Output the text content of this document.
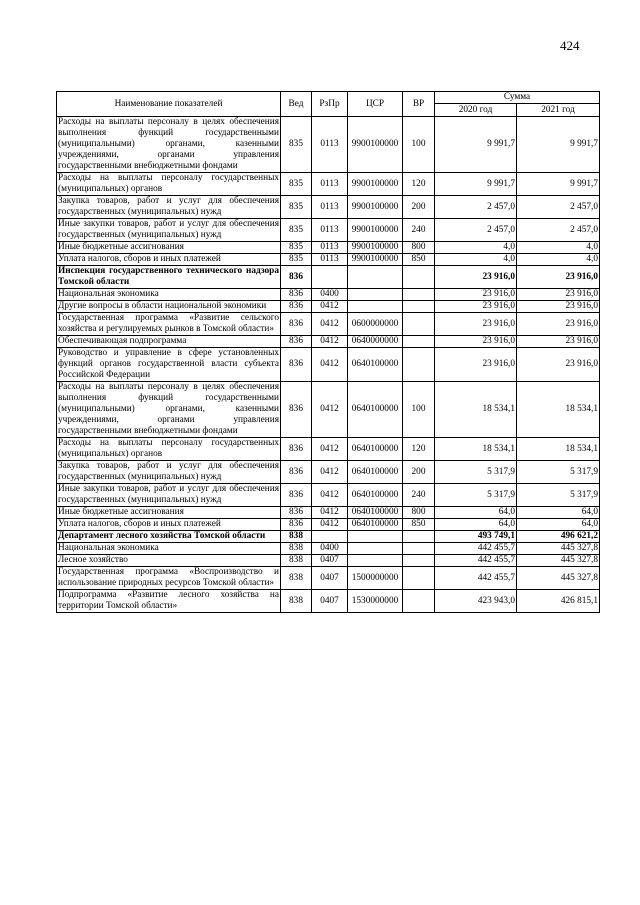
424
Наименование показателей	Вед	РзПр	ЦСР	ВР	Сумма	
					2020 год	2021 год
Расходы на выплаты персоналу в целях обеспечения выполнения функций государственными (муниципальными) органами, казенными учреждениями, органами управления государственными внебюджетными фондами	835	0113	9900100000	100	9 991,7	9 991,7
Расходы на выплаты персоналу государственных (муниципальных) органов	835	0113	9900100000	120	9 991,7	9 991,7
Закупка товаров, работ и услуг для обеспечения государственных (муниципальных) нужд	835	0113	9900100000	200	2 457,0	2 457,0
Иные закупки товаров, работ и услуг для обеспечения государственных (муниципальных) нужд	835	0113	9900100000	240	2 457,0	2 457,0
Иные бюджетные ассигнования	835	0113	9900100000	800	4,0	4,0
Уплата налогов, сборов и иных платежей	835	0113	9900100000	850	4,0	4,0
Инспекция государственного технического надзора Томской области	836				23 916,0	23 916,0
Национальная экономика	836	0400			23 916,0	23 916,0
Другие вопросы в области национальной экономики	836	0412			23 916,0	23 916,0
Государственная программа «Развитие сельского хозяйства и регулируемых рынков в Томской области»	836	0412	0600000000		23 916,0	23 916,0
Обеспечивающая подпрограмма	836	0412	0640000000		23 916,0	23 916,0
Руководство и управление в сфере установленных функций органов государственной власти субъекта Российской Федерации	836	0412	0640100000		23 916,0	23 916,0
Расходы на выплаты персоналу в целях обеспечения выполнения функций государственными (муниципальными) органами, казенными учреждениями, органами управления государственными внебюджетными фондами	836	0412	0640100000	100	18 534,1	18 534,1
Расходы на выплаты персоналу государственных (муниципальных) органов	836	0412	0640100000	120	18 534,1	18 534,1
Закупка товаров, работ и услуг для обеспечения государственных (муниципальных) нужд	836	0412	0640100000	200	5 317,9	5 317,9
Иные закупки товаров, работ и услуг для обеспечения государственных (муниципальных) нужд	836	0412	0640100000	240	5 317,9	5 317,9
Иные бюджетные ассигнования	836	0412	0640100000	800	64,0	64,0
Уплата налогов, сборов и иных платежей	836	0412	0640100000	850	64,0	64,0
Департамент лесного хозяйства Томской области	838				493 749,1	496 621,2
Национальная экономика	838	0400			442 455,7	445 327,8
Лесное хозяйство	838	0407			442 455,7	445 327,8
Государственная программа «Воспроизводство и использование природных ресурсов Томской области»	838	0407	1500000000		442 455,7	445 327,8
Подпрограмма «Развитие лесного хозяйства на территории Томской области»	838	0407	1530000000		423 943,0	426 815,1
